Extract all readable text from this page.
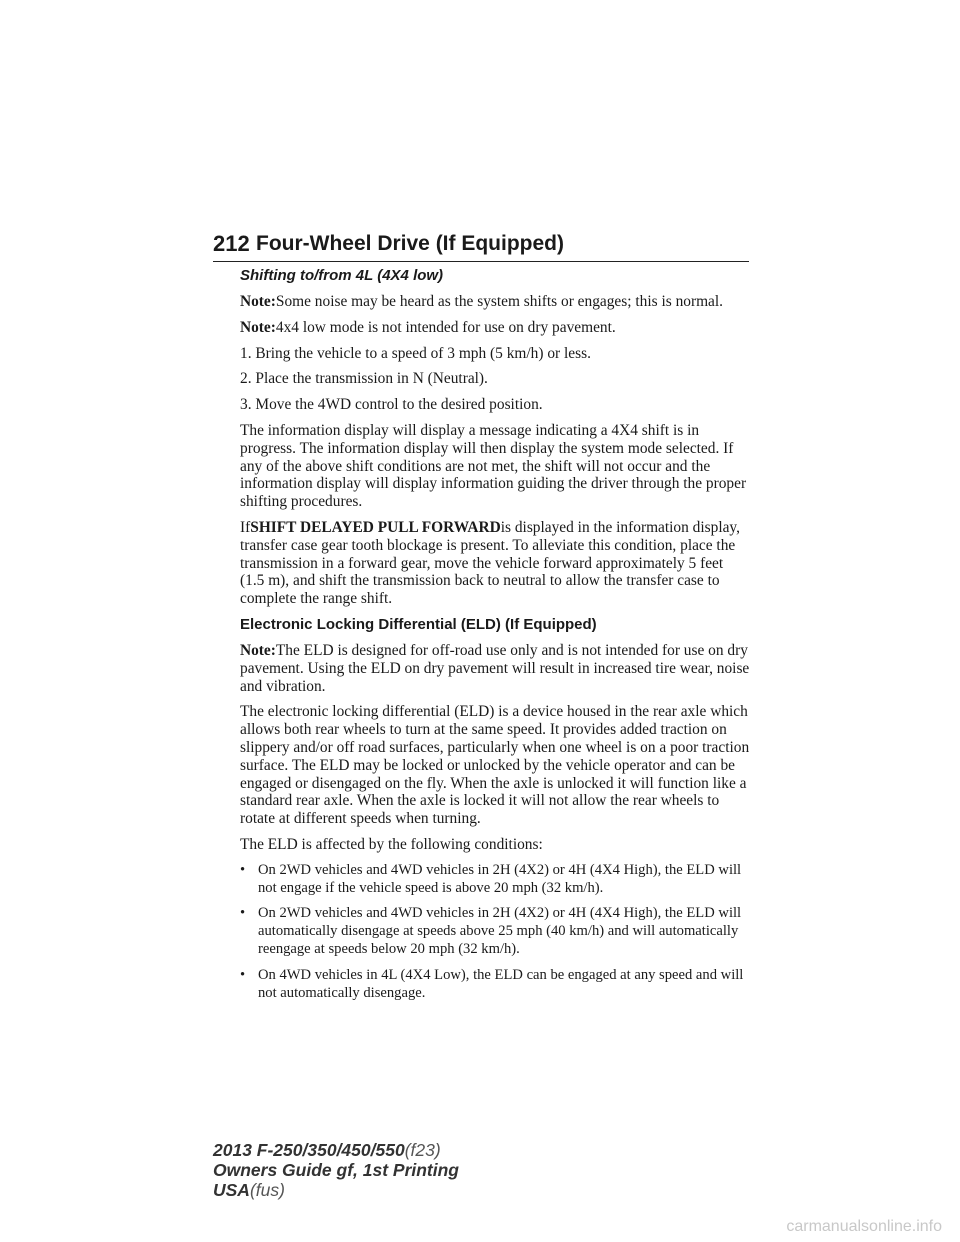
212 Four-Wheel Drive (If Equipped)
Shifting to/from 4L (4X4 low)

Note:Some noise may be heard as the system shifts or engages; this is normal.

Note:4x4 low mode is not intended for use on dry pavement.

1. Bring the vehicle to a speed of 3 mph (5 km/h) or less.

2. Place the transmission in N (Neutral).

3. Move the 4WD control to the desired position.

The information display will display a message indicating a 4X4 shift is in progress. The information display will then display the system mode selected. If any of the above shift conditions are not met, the shift will not occur and the information display will display information guiding the driver through the proper shifting procedures.

IfSHIFT DELAYED PULL FORWARDis displayed in the information display, transfer case gear tooth blockage is present. To alleviate this condition, place the transmission in a forward gear, move the vehicle forward approximately 5 feet (1.5 m), and shift the transmission back to neutral to allow the transfer case to complete the range shift.

Electronic Locking Differential (ELD) (If Equipped)

Note:The ELD is designed for off-road use only and is not intended for use on dry pavement. Using the ELD on dry pavement will result in increased tire wear, noise and vibration.

The electronic locking differential (ELD) is a device housed in the rear axle which allows both rear wheels to turn at the same speed. It provides added traction on slippery and/or off road surfaces, particularly when one wheel is on a poor traction surface. The ELD may be locked or unlocked by the vehicle operator and can be engaged or disengaged on the fly. When the axle is unlocked it will function like a standard rear axle. When the axle is locked it will not allow the rear wheels to rotate at different speeds when turning.

The ELD is affected by the following conditions:

• On 2WD vehicles and 4WD vehicles in 2H (4X2) or 4H (4X4 High), the ELD will not engage if the vehicle speed is above 20 mph (32 km/h).
• On 2WD vehicles and 4WD vehicles in 2H (4X2) or 4H (4X4 High), the ELD will automatically disengage at speeds above 25 mph (40 km/h) and will automatically reengage at speeds below 20 mph (32 km/h).
• On 4WD vehicles in 4L (4X4 Low), the ELD can be engaged at any speed and will not automatically disengage.
2013 F-250/350/450/550(f23)
Owners Guide gf, 1st Printing
USA(fus)
carmanualsonline.info
